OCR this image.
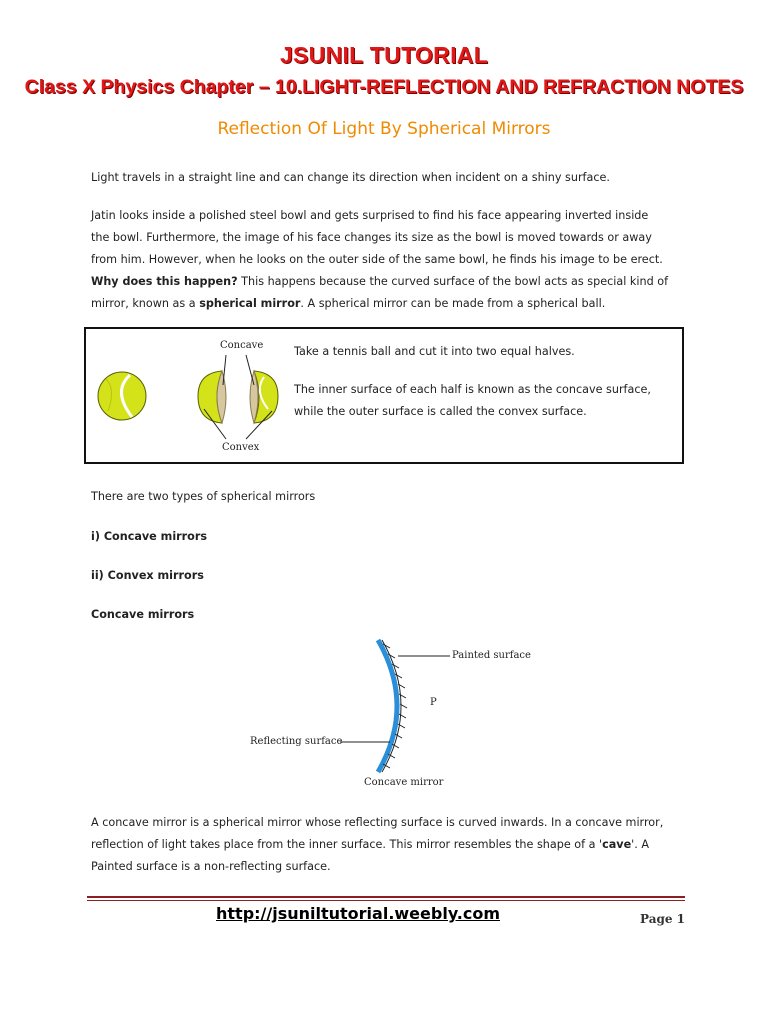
JSUNIL TUTORIAL
Class X Physics Chapter – 10.LIGHT-REFLECTION AND REFRACTION NOTES
Reflection Of Light By Spherical Mirrors

Light travels in a straight line and can change its direction when incident on a shiny surface.

Jatin looks inside a polished steel bowl and gets surprised to find his face appearing inverted inside
the bowl. Furthermore, the image of his face changes its size as the bowl is moved towards or away
from him. However, when he looks on the outer side of the same bowl, he finds his image to be erect.
Why does this happen? This happens because the curved surface of the bowl acts as special kind of
mirror, known as a spherical mirror. A spherical mirror can be made from a spherical ball.

Concave
Convex
Take a tennis ball and cut it into two equal halves.
The inner surface of each half is known as the concave surface,
while the outer surface is called the convex surface.

There are two types of spherical mirrors

i) Concave mirrors

ii) Convex mirrors

Concave mirrors

Painted surface
P
Reflecting surface
Concave mirror

A concave mirror is a spherical mirror whose reflecting surface is curved inwards. In a concave mirror,
reflection of light takes place from the inner surface. This mirror resembles the shape of a 'cave'. A
Painted surface is a non-reflecting surface.

http://jsuniltutorial.weebly.com	Page 1
